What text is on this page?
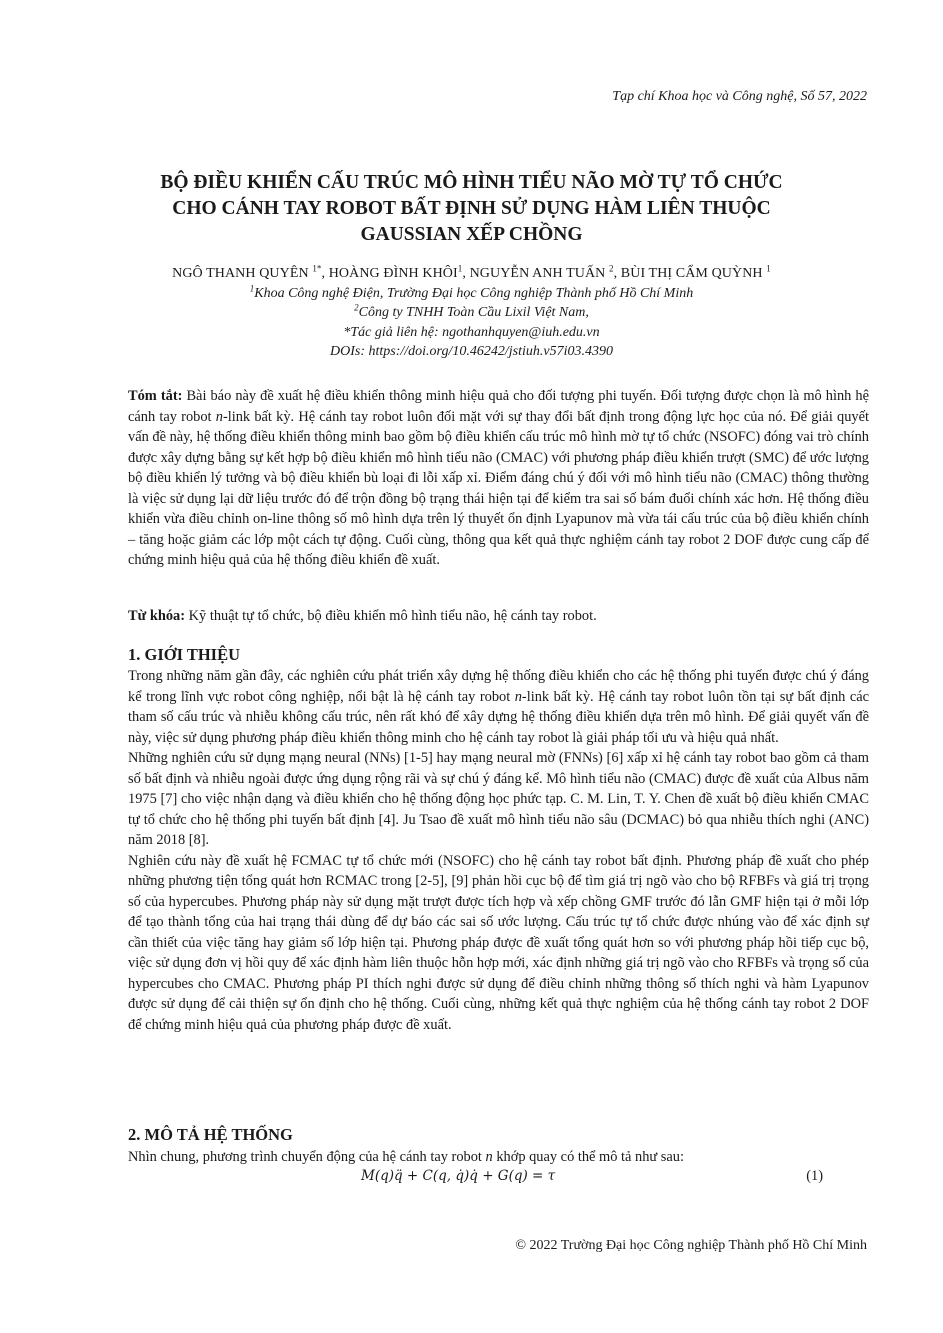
Tạp chí Khoa học và Công nghệ, Số 57, 2022
BỘ ĐIỀU KHIỂN CẤU TRÚC MÔ HÌNH TIỂU NÃO MỜ TỰ TỔ CHỨC
CHO CÁNH TAY ROBOT BẤT ĐỊNH SỬ DỤNG HÀM LIÊN THUỘC
GAUSSIAN XẾP CHỒNG
NGÔ THANH QUYÊN $^{1*}$, HOÀNG ĐÌNH KHÔI$^1$, NGUYỄN ANH TUẤN $^2$, BÙI THỊ CẨM QUỲNH $^1$
$^1$Khoa Công nghệ Điện, Trường Đại học Công nghiệp Thành phố Hồ Chí Minh
$^2$Công ty TNHH Toàn Cầu Lixil Việt Nam,
*Tác giả liên hệ: ngothanhquyen@iuh.edu.vn
DOIs: https://doi.org/10.46242/jstiuh.v57i03.4390

Tóm tắt: Bài báo này đề xuất hệ điều khiển thông minh hiệu quả cho đối tượng phi tuyến. Đối tượng được chọn là mô hình hệ cánh tay robot n-link bất kỳ. Hệ cánh tay robot luôn đối mặt với sự thay đổi bất định trong động lực học của nó. Để giải quyết vấn đề này, hệ thống điều khiển thông minh bao gồm bộ điều khiển cấu trúc mô hình mờ tự tổ chức (NSOFC) đóng vai trò chính được xây dựng bằng sự kết hợp bộ điều khiển mô hình tiểu não (CMAC) với phương pháp điều khiển trượt (SMC) để ước lượng bộ điều khiển lý tưởng và bộ điều khiển bù loại đi lỗi xấp xỉ. Điểm đáng chú ý đối với mô hình tiểu não (CMAC) thông thường là việc sử dụng lại dữ liệu trước đó để trộn đồng bộ trạng thái hiện tại để kiểm tra sai số bám đuổi chính xác hơn. Hệ thống điều khiển vừa điều chỉnh on-line thông số mô hình dựa trên lý thuyết ổn định Lyapunov mà vừa tái cấu trúc của bộ điều khiển chính – tăng hoặc giảm các lớp một cách tự động. Cuối cùng, thông qua kết quả thực nghiệm cánh tay robot 2 DOF được cung cấp để chứng minh hiệu quả của hệ thống điều khiển đề xuất.

Từ khóa: Kỹ thuật tự tổ chức, bộ điều khiển mô hình tiểu não, hệ cánh tay robot.

1. GIỚI THIỆU

Trong những năm gần đây, các nghiên cứu phát triển xây dựng hệ thống điều khiển cho các hệ thống phi tuyến được chú ý đáng kể trong lĩnh vực robot công nghiệp, nổi bật là hệ cánh tay robot n-link bất kỳ. Hệ cánh tay robot luôn tồn tại sự bất định các tham số cấu trúc và nhiễu không cấu trúc, nên rất khó để xây dựng hệ thống điều khiển dựa trên mô hình. Để giải quyết vấn đề này, việc sử dụng phương pháp điều khiển thông minh cho hệ cánh tay robot là giải pháp tối ưu và hiệu quả nhất.

Những nghiên cứu sử dụng mạng neural (NNs) [1-5] hay mạng neural mờ (FNNs) [6] xấp xỉ hệ cánh tay robot bao gồm cả tham số bất định và nhiễu ngoài được ứng dụng rộng rãi và sự chú ý đáng kể. Mô hình tiểu não (CMAC) được đề xuất của Albus năm 1975 [7] cho việc nhận dạng và điều khiển cho hệ thống động học phức tạp. C. M. Lin, T. Y. Chen đề xuất bộ điều khiển CMAC tự tổ chức cho hệ thống phi tuyến bất định [4]. Ju Tsao đề xuất mô hình tiểu não sâu (DCMAC) bỏ qua nhiễu thích nghi (ANC) năm 2018 [8].

Nghiên cứu này đề xuất hệ FCMAC tự tổ chức mới (NSOFC) cho hệ cánh tay robot bất định. Phương pháp đề xuất cho phép những phương tiện tổng quát hơn RCMAC trong [2-5], [9] phản hồi cục bộ để tìm giá trị ngõ vào cho bộ RFBFs và giá trị trọng số của hypercubes. Phương pháp này sử dụng mặt trượt được tích hợp và xếp chồng GMF trước đó lẫn GMF hiện tại ở mỗi lớp để tạo thành tổng của hai trạng thái dùng để dự báo các sai số ước lượng. Cấu trúc tự tổ chức được nhúng vào để xác định sự cần thiết của việc tăng hay giảm số lớp hiện tại. Phương pháp được đề xuất tổng quát hơn so với phương pháp hồi tiếp cục bộ, việc sử dụng đơn vị hồi quy để xác định hàm liên thuộc hỗn hợp mới, xác định những giá trị ngõ vào cho RFBFs và trọng số của hypercubes cho CMAC. Phương pháp PI thích nghi được sử dụng để điều chỉnh những thông số thích nghi và hàm Lyapunov được sử dụng để cải thiện sự ổn định cho hệ thống. Cuối cùng, những kết quả thực nghiệm của hệ thống cánh tay robot 2 DOF để chứng minh hiệu quả của phương pháp được đề xuất.

2. MÔ TẢ HỆ THỐNG

Nhìn chung, phương trình chuyển động của hệ cánh tay robot n khớp quay có thể mô tả như sau:

M(q)q̈ + C(q, q̇)q̇ + G(q) = τ	(1)
© 2022 Trường Đại học Công nghiệp Thành phố Hồ Chí Minh
